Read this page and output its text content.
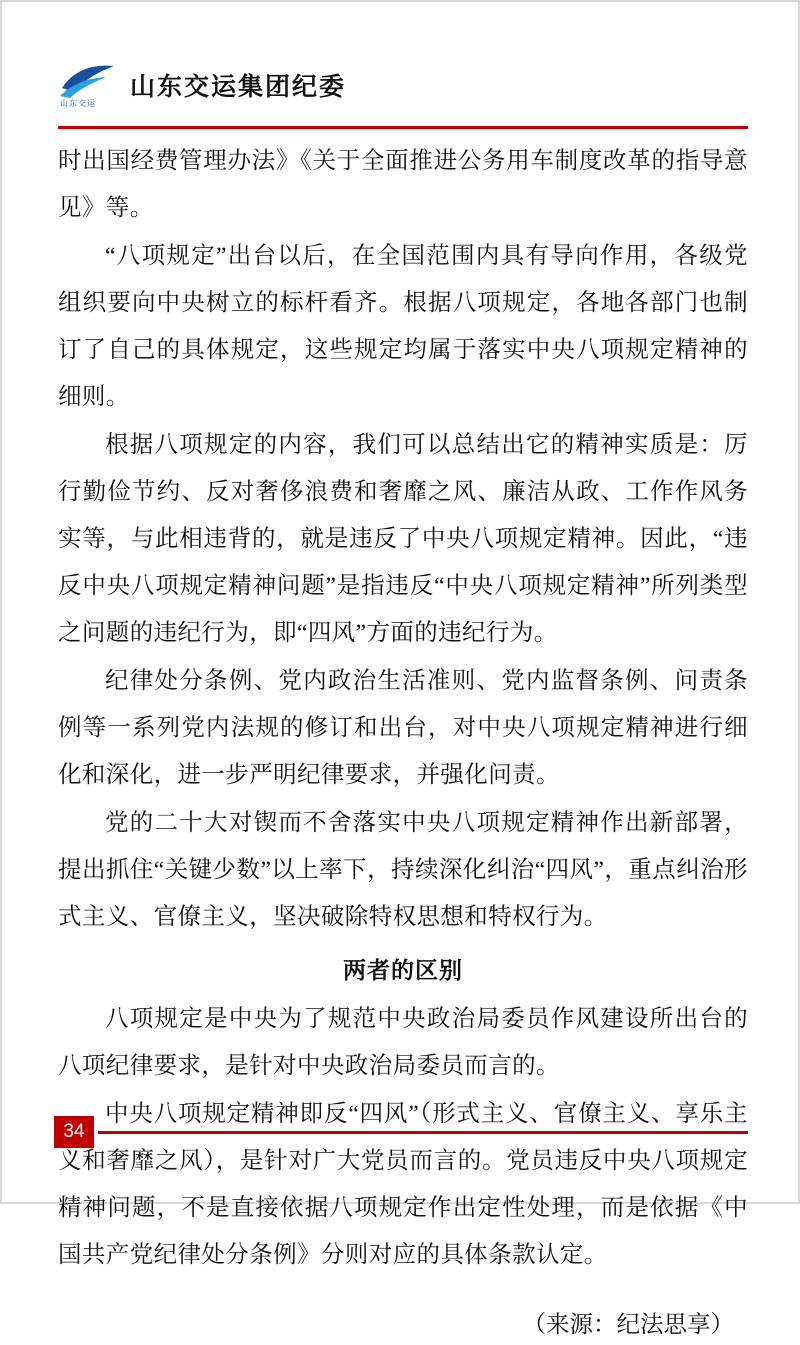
山东交运
山东交运集团纪委

时出国经费管理办法》《关于全面推进公务用车制度改革的指导意见》等。

“八项规定”出台以后，在全国范围内具有导向作用，各级党组织要向中央树立的标杆看齐。根据八项规定，各地各部门也制订了自己的具体规定，这些规定均属于落实中央八项规定精神的细则。

根据八项规定的内容，我们可以总结出它的精神实质是：厉行勤俭节约、反对奢侈浪费和奢靡之风、廉洁从政、工作作风务实等，与此相违背的，就是违反了中央八项规定精神。因此，“违反中央八项规定精神问题”是指违反“中央八项规定精神”所列类型之问题的违纪行为，即“四风”方面的违纪行为。

纪律处分条例、党内政治生活准则、党内监督条例、问责条例等一系列党内法规的修订和出台，对中央八项规定精神进行细化和深化，进一步严明纪律要求，并强化问责。

党的二十大对锲而不舍落实中央八项规定精神作出新部署，提出抓住“关键少数”以上率下，持续深化纠治“四风”，重点纠治形式主义、官僚主义，坚决破除特权思想和特权行为。

两者的区别

八项规定是中央为了规范中央政治局委员作风建设所出台的八项纪律要求，是针对中央政治局委员而言的。

中央八项规定精神即反“四风”（形式主义、官僚主义、享乐主义和奢靡之风），是针对广大党员而言的。党员违反中央八项规定精神问题，不是直接依据八项规定作出定性处理，而是依据《中国共产党纪律处分条例》分则对应的具体条款认定。

（来源：纪法思享）

34
